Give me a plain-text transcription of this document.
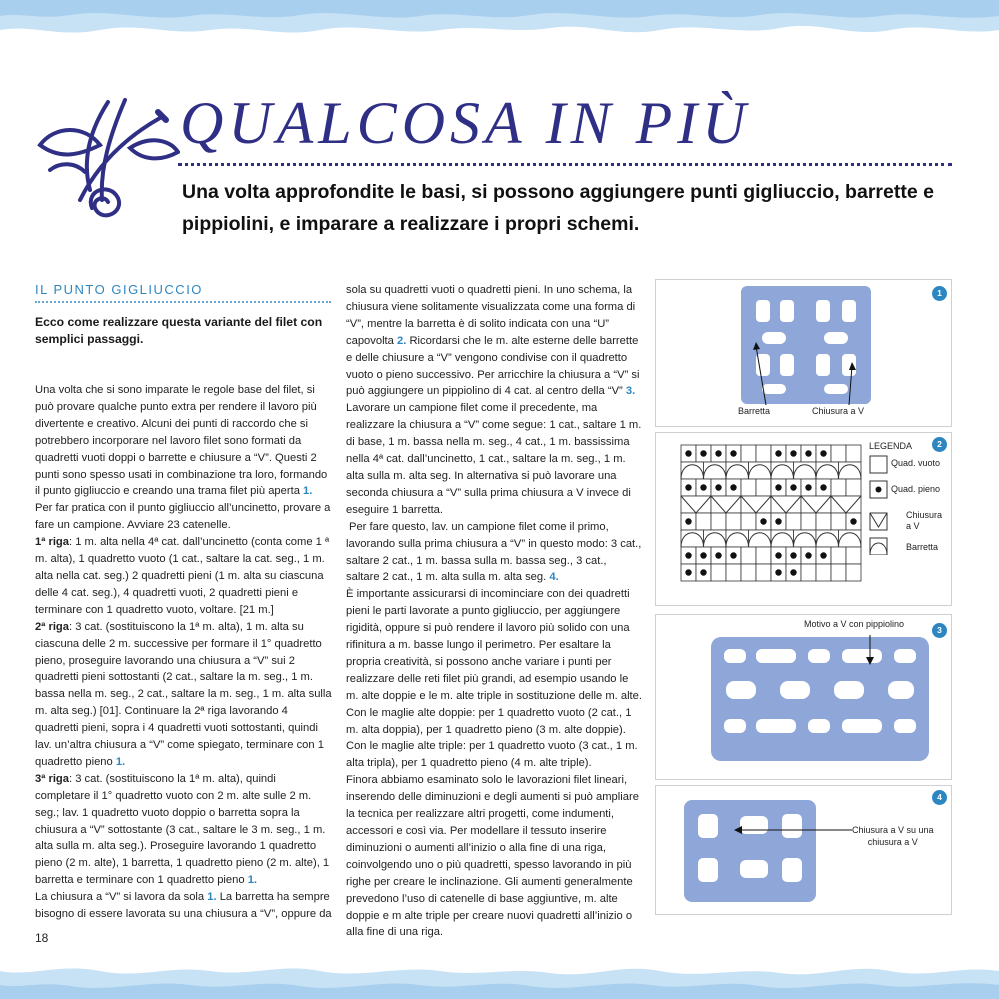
QUALCOSA IN PIÙ
Una volta approfondite le basi, si possono aggiungere punti gigliuccio, barrette e pippiolini, e imparare a realizzare i propri schemi.
IL PUNTO GIGLIUCCIO
Ecco come realizzare questa variante del filet con semplici passaggi.

Una volta che si sono imparate le regole base del filet, si può provare qualche punto extra per rendere il lavoro più divertente e creativo. Alcuni dei punti di raccordo che si potrebbero incorporare nel lavoro filet sono formati da quadretti vuoti doppi o barrette e chiusure a “V”. Questi 2 punti sono spesso usati in combinazione tra loro, formando il punto gigliuccio e creando una trama filet più aperta 1.

Per far pratica con il punto gigliuccio all’uncinetto, provare a fare un campione. Avviare 23 catenelle.

1ª riga: 1 m. alta nella 4ª cat. dall’uncinetto (conta come 1 ª m. alta), 1 quadretto vuoto (1 cat., saltare la cat. seg., 1 m. alta nella cat. seg.) 2 quadretti pieni (1 m. alta su ciascuna delle 4 cat. seg.), 4 quadretti vuoti, 2 quadretti pieni e terminare con 1 quadretto vuoto, voltare. [21 m.]

2ª riga: 3 cat. (sostituiscono la 1ª m. alta), 1 m. alta su ciascuna delle 2 m. successive per formare il 1° quadretto pieno, proseguire lavorando una chiusura a “V” sui 2 quadretti pieni sottostanti (2 cat., saltare la m. seg., 1 m. bassa nella m. seg., 2 cat., saltare la m. seg., 1 m. alta sulla m. alta seg.) [01]. Continuare la 2ª riga lavorando 4 quadretti pieni, sopra i 4 quadretti vuoti sottostanti, quindi lav. un’altra chiusura a “V” come spiegato, terminare con 1 quadretto pieno 1.

3ª riga: 3 cat. (sostituiscono la 1ª m. alta), quindi completare il 1° quadretto vuoto con 2 m. alte sulle 2 m. seg.; lav. 1 quadretto vuoto doppio o barretta sopra la chiusura a “V” sottostante (3 cat., saltare le 3 m. seg., 1 m. alta sulla m. alta seg.). Proseguire lavorando 1 quadretto pieno (2 m. alte), 1 barretta, 1 quadretto pieno (2 m. alte), 1 barretta e terminare con 1 quadretto pieno 1.

La chiusura a “V” si lavora da sola 1. La barretta ha sempre bisogno di essere lavorata su una chiusura a “V”, oppure da

sola su quadretti vuoti o quadretti pieni. In uno schema, la chiusura viene solitamente visualizzata come una forma di “V”, mentre la barretta è di solito indicata con una “U” capovolta 2. Ricordarsi che le m. alte esterne delle barrette e delle chiusure a “V” vengono condivise con il quadretto vuoto o pieno successivo. Per arricchire la chiusura a “V” si può aggiungere un pippiolino di 4 cat. al centro della “V” 3.

Lavorare un campione filet come il precedente, ma realizzare la chiusura a “V” come segue: 1 cat., saltare 1 m. di base, 1 m. bassa nella m. seg., 4 cat., 1 m. bassissima nella 4ª cat. dall’uncinetto, 1 cat., saltare la m. seg., 1 m. alta sulla m. alta seg. In alternativa si può lavorare una seconda chiusura a “V” sulla prima chiusura a V invece di eseguire 1 barretta.

Per fare questo, lav. un campione filet come il primo, lavorando sulla prima chiusura a “V” in questo modo: 3 cat., saltare 2 cat., 1 m. bassa sulla m. bassa seg., 3 cat., saltare 2 cat., 1 m. alta sulla m. alta seg. 4.

È importante assicurarsi di incominciare con dei quadretti pieni le parti lavorate a punto gigliuccio, per aggiungere rigidità, oppure si può rendere il lavoro più solido con una rifinitura a m. basse lungo il perimetro. Per esaltare la propria creatività, si possono anche variare i punti per realizzare delle reti filet più grandi, ad esempio usando le m. alte doppie e le m. alte triple in sostituzione delle m. alte.

Con le maglie alte doppie: per 1 quadretto vuoto (2 cat., 1 m. alta doppia), per 1 quadretto pieno (3 m. alte doppie). Con le maglie alte triple: per 1 quadretto vuoto (3 cat., 1 m. alta tripla), per 1 quadretto pieno (4 m. alte triple).

Finora abbiamo esaminato solo le lavorazioni filet lineari, inserendo delle diminuzioni e degli aumenti si può ampliare la tecnica per realizzare altri progetti, come indumenti, accessori e così via. Per modellare il tessuto inserire diminuzioni o aumenti all’inizio o alla fine di una riga, coinvolgendo uno o più quadretti, spesso lavorando in più righe per creare le inclinazione. Gli aumenti generalmente prevedono l’uso di catenelle di base aggiuntive, m. alte doppie e m alte triple per creare nuovi quadretti all’inizio o alla fine di una riga.

1
Barretta	Chiusura a V
2
LEGENDA
Quad. vuoto
Quad. pieno
Chiusura a V
Barretta
3
Motivo a V con pippiolino
4
Chiusura a V su una
chiusura a V
18
